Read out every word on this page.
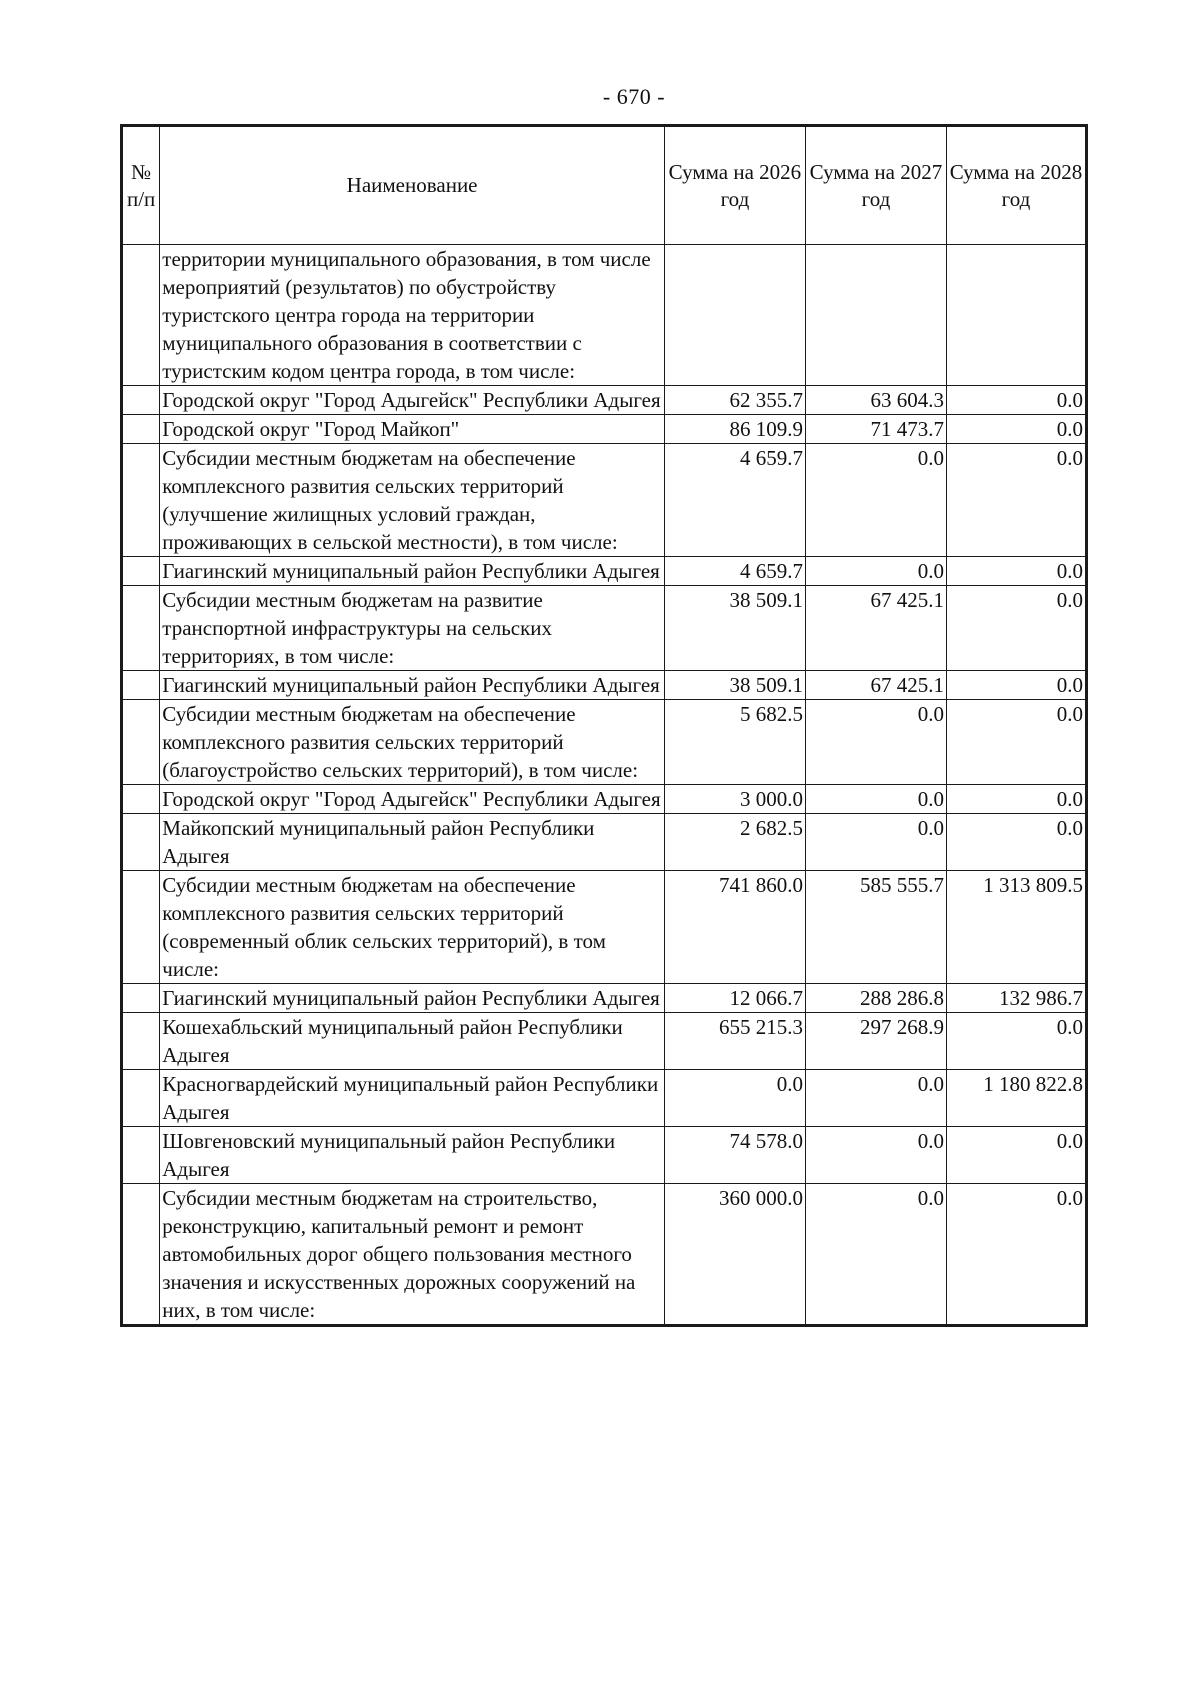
- 670 -
№ п/п	Наименование	Сумма на 2026 год	Сумма на 2027 год	Сумма на 2028 год
	территории муниципального образования, в том числе мероприятий (результатов) по обустройству туристского центра города на территории муниципального образования в соответствии с туристским кодом центра города, в том числе:			
	Городской округ "Город Адыгейск" Республики Адыгея	62 355.7	63 604.3	0.0
	Городской округ "Город Майкоп"	86 109.9	71 473.7	0.0
	Субсидии местным бюджетам на обеспечение комплексного развития сельских территорий (улучшение жилищных условий граждан, проживающих в сельской местности), в том числе:	4 659.7	0.0	0.0
	Гиагинский муниципальный район Республики Адыгея	4 659.7	0.0	0.0
	Субсидии местным бюджетам на развитие транспортной инфраструктуры на сельских территориях, в том числе:	38 509.1	67 425.1	0.0
	Гиагинский муниципальный район Республики Адыгея	38 509.1	67 425.1	0.0
	Субсидии местным бюджетам на обеспечение комплексного развития сельских территорий (благоустройство сельских территорий), в том числе:	5 682.5	0.0	0.0
	Городской округ "Город Адыгейск" Республики Адыгея	3 000.0	0.0	0.0
	Майкопский муниципальный район Республики Адыгея	2 682.5	0.0	0.0
	Субсидии местным бюджетам на обеспечение комплексного развития сельских территорий (современный облик сельских территорий), в том числе:	741 860.0	585 555.7	1 313 809.5
	Гиагинский муниципальный район Республики Адыгея	12 066.7	288 286.8	132 986.7
	Кошехабльский муниципальный район Республики Адыгея	655 215.3	297 268.9	0.0
	Красногвардейский муниципальный район Республики Адыгея	0.0	0.0	1 180 822.8
	Шовгеновский муниципальный район Республики Адыгея	74 578.0	0.0	0.0
	Субсидии местным бюджетам на строительство, реконструкцию, капитальный ремонт и ремонт автомобильных дорог общего пользования местного значения и искусственных дорожных сооружений на них, в том числе:	360 000.0	0.0	0.0
